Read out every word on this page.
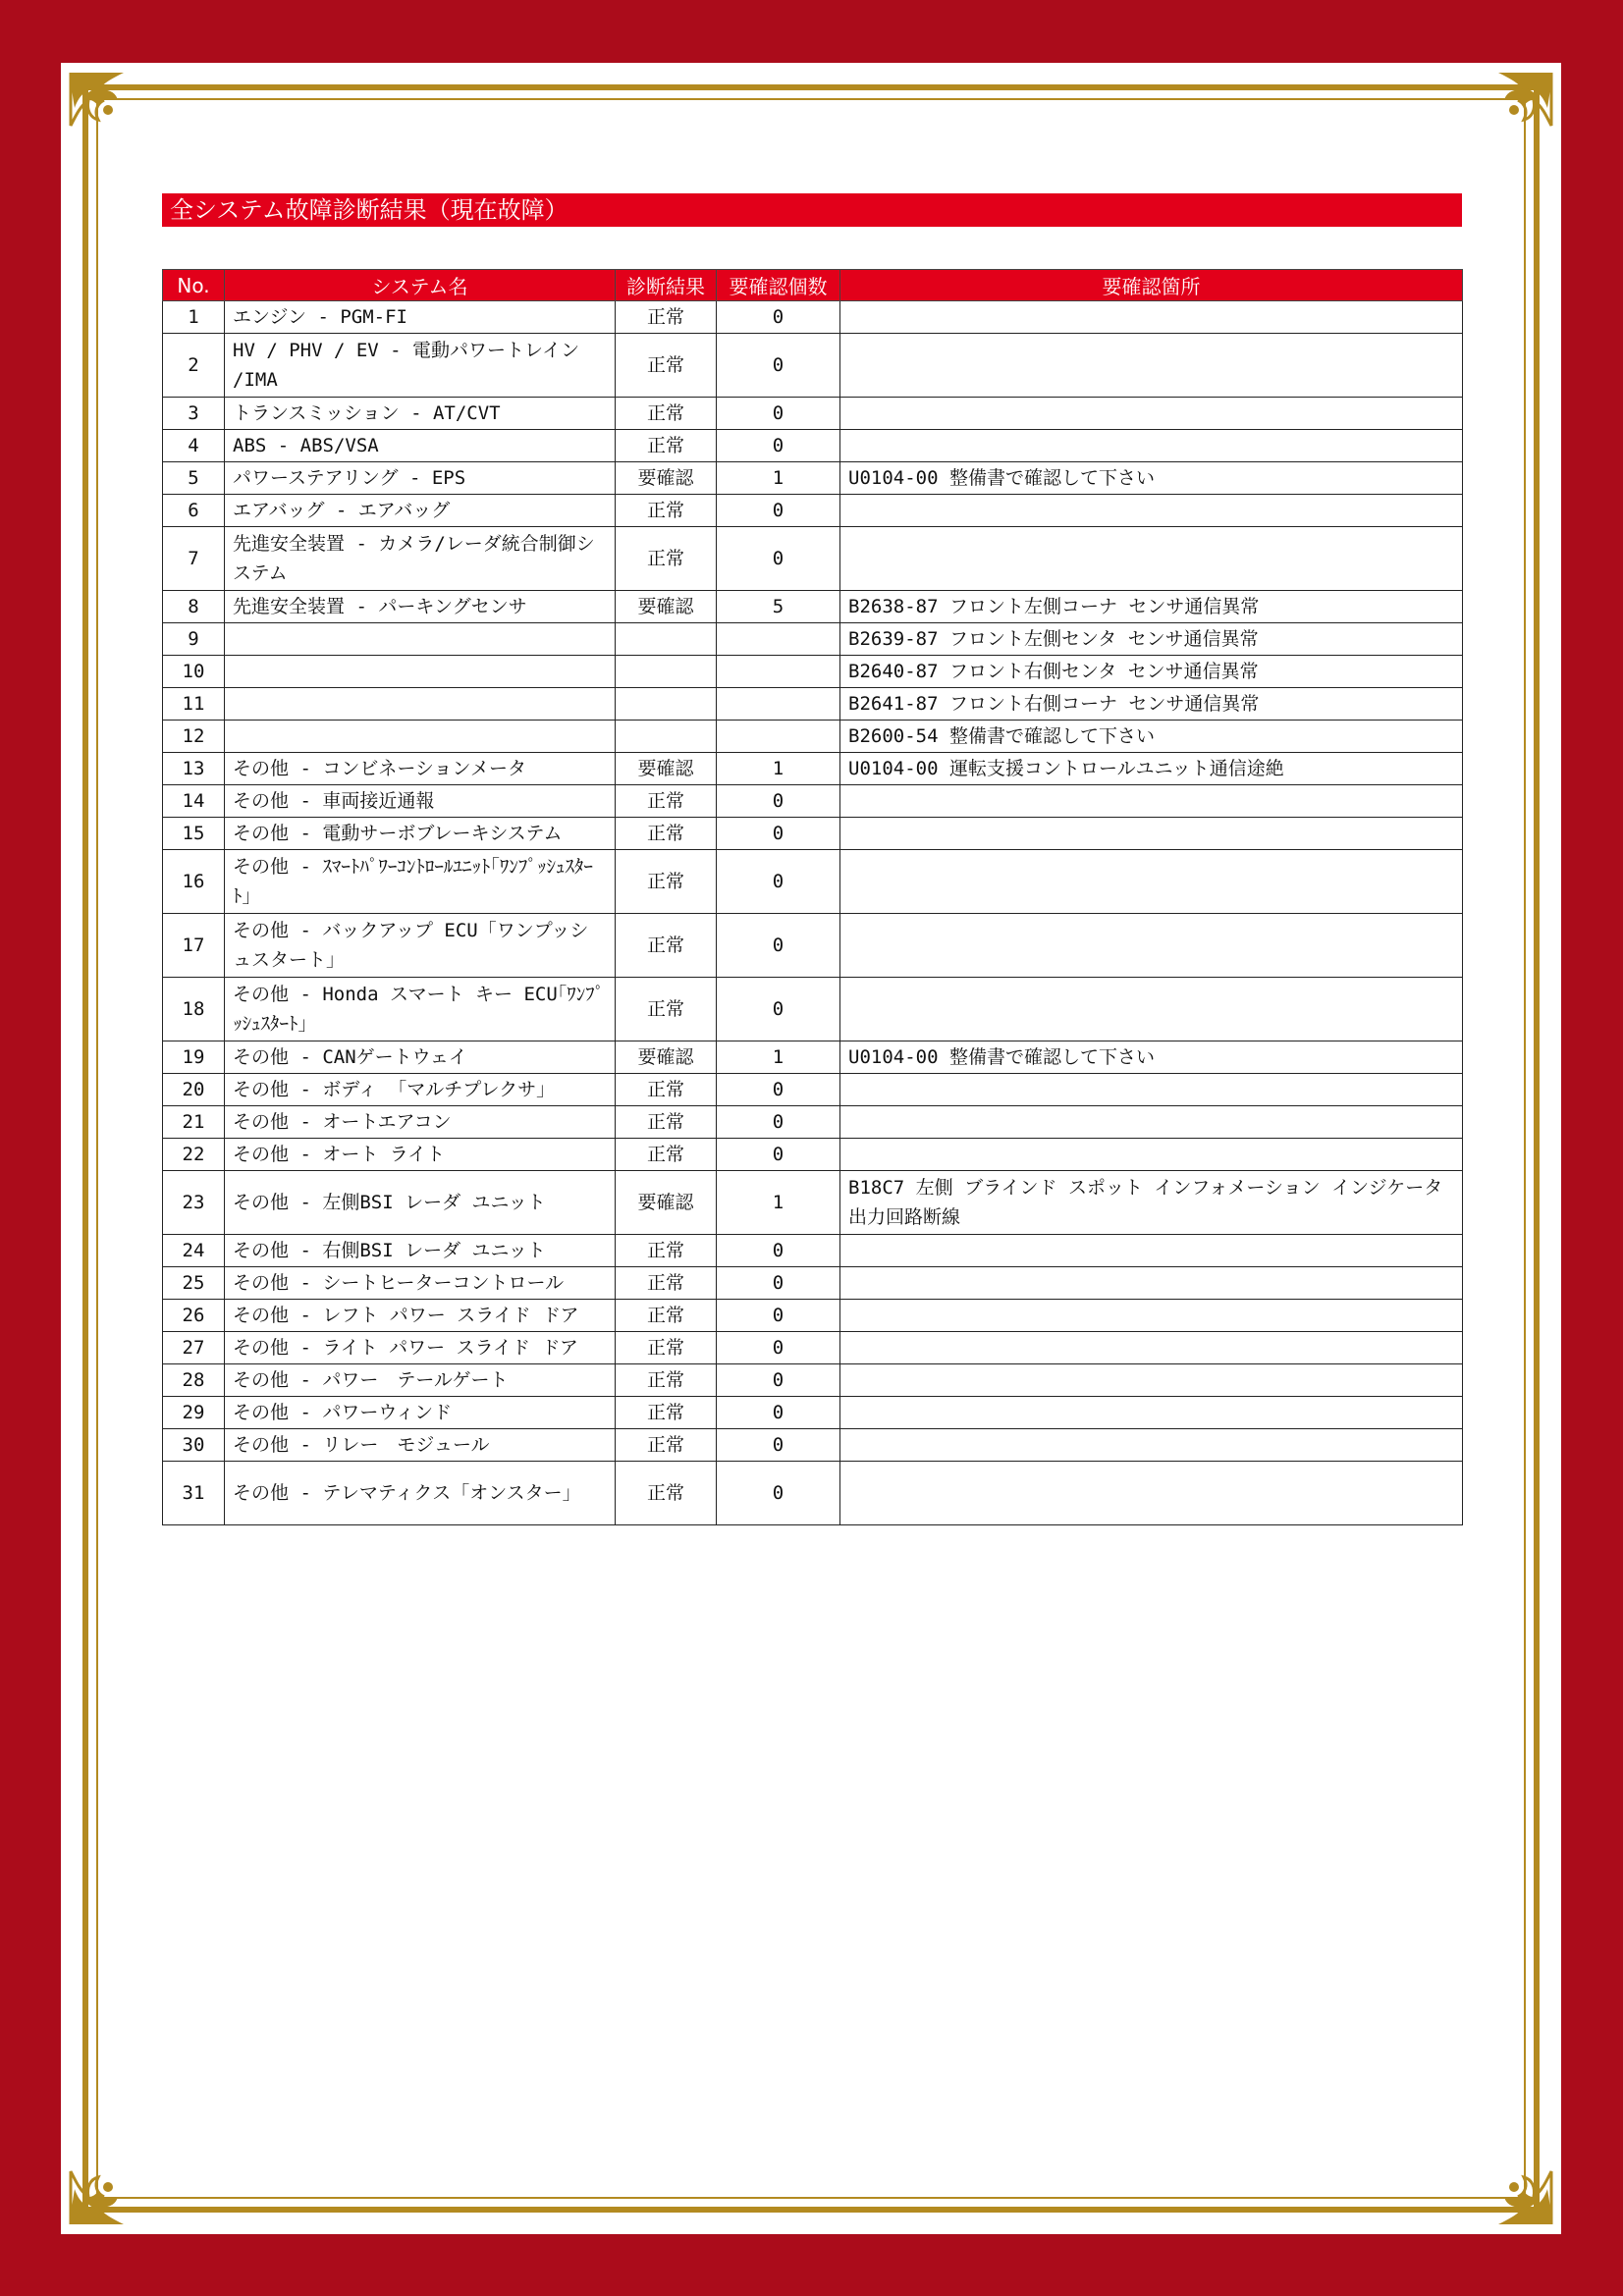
全システム故障診断結果（現在故障）
No.	システム名	診断結果	要確認個数	要確認箇所
1	エンジン - PGM-FI	正常	0	
2	HV / PHV / EV - 電動パワートレイン /IMA	正常	0	
3	トランスミッション - AT/CVT	正常	0	
4	ABS - ABS/VSA	正常	0	
5	パワーステアリング - EPS	要確認	1	U0104-00 整備書で確認して下さい
6	エアバッグ - エアバッグ	正常	0	
7	先進安全装置 - カメラ/レーダ統合制御システム	正常	0	
8	先進安全装置 - パーキングセンサ	要確認	5	B2638-87 フロント左側コーナ センサ通信異常
9				B2639-87 フロント左側センタ センサ通信異常
10				B2640-87 フロント右側センタ センサ通信異常
11				B2641-87 フロント右側コーナ センサ通信異常
12				B2600-54 整備書で確認して下さい
13	その他 - コンビネーションメータ	要確認	1	U0104-00 運転支援コントロールユニット通信途絶
14	その他 - 車両接近通報	正常	0	
15	その他 - 電動サーボブレーキシステム	正常	0	
16	その他 - ｽﾏｰﾄﾊﾟﾜｰｺﾝﾄﾛｰﾙﾕﾆｯﾄ｢ﾜﾝﾌﾟｯｼｭｽﾀｰﾄ｣	正常	0	
17	その他 - バックアップ ECU「ワンプッシュスタート」	正常	0	
18	その他 - Honda スマート キー ECU｢ﾜﾝﾌﾟｯｼｭｽﾀｰﾄ｣	正常	0	
19	その他 - CANゲートウェイ	要確認	1	U0104-00 整備書で確認して下さい
20	その他 - ボディ 「マルチプレクサ」	正常	0	
21	その他 - オートエアコン	正常	0	
22	その他 - オート ライト	正常	0	
23	その他 - 左側BSI レーダ ユニット	要確認	1	B18C7 左側 ブラインド スポット インフォメーション インジケータ出力回路断線
24	その他 - 右側BSI レーダ ユニット	正常	0	
25	その他 - シートヒーターコントロール	正常	0	
26	その他 - レフト パワー スライド ドア	正常	0	
27	その他 - ライト パワー スライド ドア	正常	0	
28	その他 - パワー　テールゲート	正常	0	
29	その他 - パワーウィンド	正常	0	
30	その他 - リレー　モジュール	正常	0	
31	その他 - テレマティクス「オンスター」	正常	0	
